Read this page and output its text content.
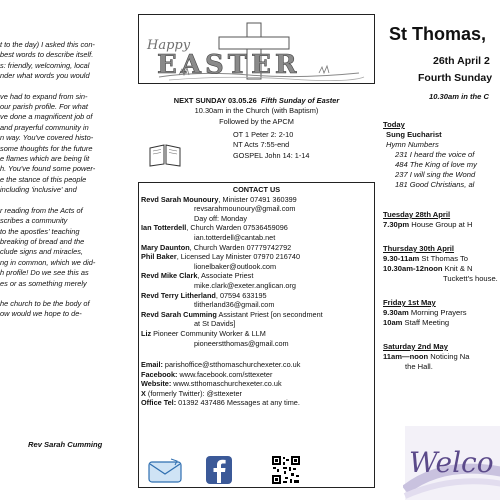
t to the day) I asked this con-
best words to describe itself.
s: friendly, welcoming, local
nder what words you would
ve had to expand from sin-
our parish profile. For what
ve done a magnificent job of
and prayerful community in
n way. You've covered histo-
some thoughts for the future
e flames which are being lit
h. You've found some power-
e the stance of this people
including 'inclusive' and
r reading from the Acts of
scribes a community
to the apostles' teaching
breaking of bread and the
clude signs and miracles,
ng in common, which we did-
h profile! Do we see this as
es or as something merely
he church to be the body of
ow would we hope to de-
Rev Sarah Cumming
Happy
EASTER
NEXT SUNDAY 03.05.26 Fifth Sunday of Easter
10.30am in the Church (with Baptism)
Followed by the APCM
OT 1 Peter 2: 2-10
NT Acts 7:55-end
GOSPEL John 14: 1-14
CONTACT US
Revd Sarah Mounoury, Minister 07491 360399
revsarahmounoury@gmail.com
Day off: Monday
Ian Totterdell, Church Warden 07536459096
ian.totterdell@cantab.net
Mary Daunton, Church Warden 07779742792
Phil Baker, Licensed Lay Minister 07970 216740
lionelbaker@outlook.com
Revd Mike Clark, Associate Priest
mike.clark@exeter.anglican.org
Revd Terry Litherland, 07594 633195
tlitherland36@gmail.com
Revd Sarah Cumming Assistant Priest [on secondment
at St Davids]
Liz Pioneer Community Worker & LLM
pioneerstthomas@gmail.com
Email: parishoffice@stthomaschurchexeter.co.uk
Facebook: www.facebook.com/sttexeter
Website: www.stthomaschurchexeter.co.uk
X (formerly Twitter): @sttexeter
Office Tel: 01392 437486 Messages at any time.
St Thomas,
26th April 2
Fourth Sunday
10.30am in the C
Today
Sung Eucharist
Hymn Numbers
231 I heard the voice of
484 The King of love my
237 I will sing the Wond
181 Good Christians, al
Tuesday 28th April
7.30pm House Group at H
Thursday 30th April
9.30-11am St Thomas To
10.30am-12noon Knit & N
Tuckett's house.
Friday 1st May
9.30am Morning Prayers
10am Staff Meeting
Saturday 2nd May
11am—noon Noticing Na
the Hall.
Welco
